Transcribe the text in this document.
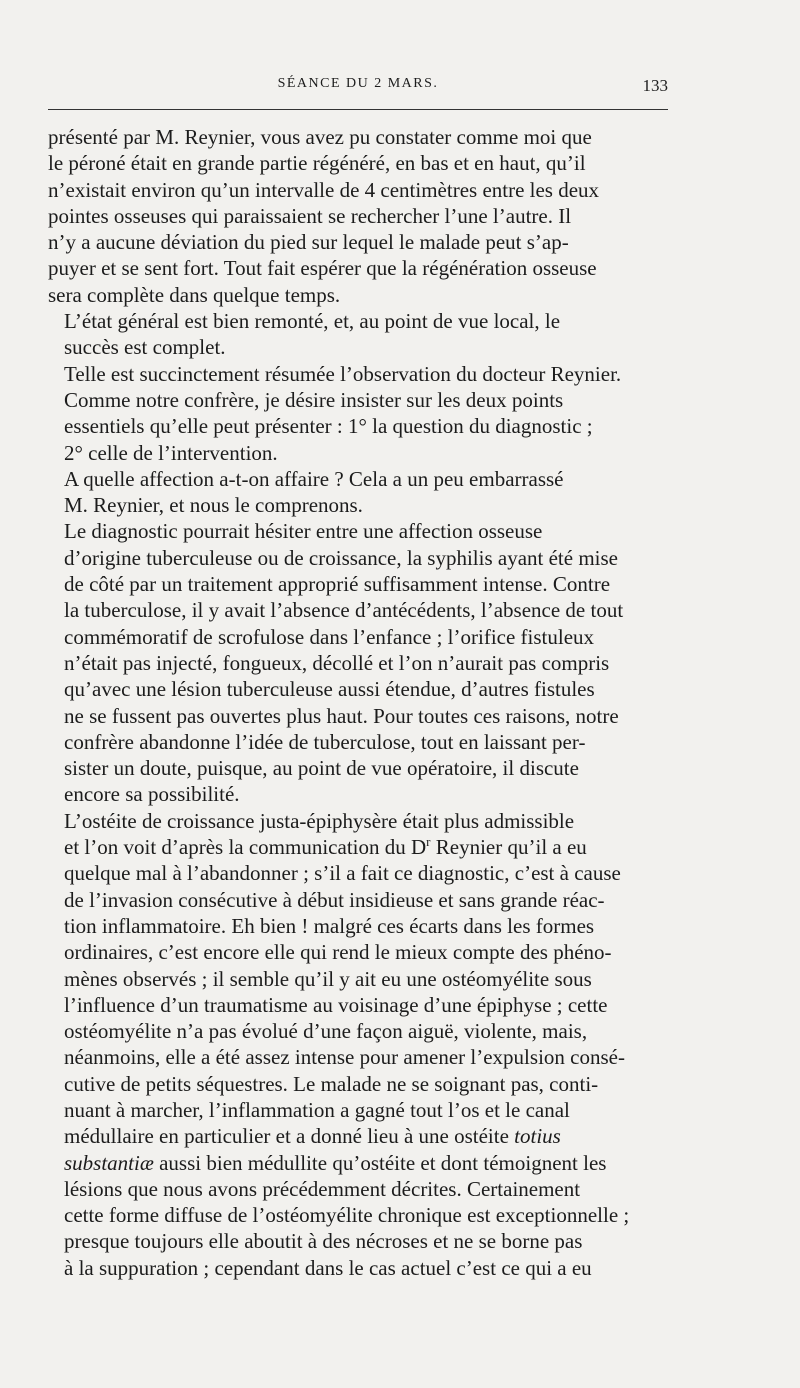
SÉANCE DU 2 MARS.	133

présenté par M. Reynier, vous avez pu constater comme moi que
le péroné était en grande partie régénéré, en bas et en haut, qu’il
n’existait environ qu’un intervalle de 4 centimètres entre les deux
pointes osseuses qui paraissaient se rechercher l’une l’autre. Il
n’y a aucune déviation du pied sur lequel le malade peut s’ap-
puyer et se sent fort. Tout fait espérer que la régénération osseuse
sera complète dans quelque temps.

L’état général est bien remonté, et, au point de vue local, le
succès est complet.

Telle est succinctement résumée l’observation du docteur Reynier.

Comme notre confrère, je désire insister sur les deux points
essentiels qu’elle peut présenter : 1° la question du diagnostic ;
2° celle de l’intervention.

A quelle affection a-t-on affaire ? Cela a un peu embarrassé
M. Reynier, et nous le comprenons.

Le diagnostic pourrait hésiter entre une affection osseuse
d’origine tuberculeuse ou de croissance, la syphilis ayant été mise
de côté par un traitement approprié suffisamment intense. Contre
la tuberculose, il y avait l’absence d’antécédents, l’absence de tout
commémoratif de scrofulose dans l’enfance ; l’orifice fistuleux
n’était pas injecté, fongueux, décollé et l’on n’aurait pas compris
qu’avec une lésion tuberculeuse aussi étendue, d’autres fistules
ne se fussent pas ouvertes plus haut. Pour toutes ces raisons, notre
confrère abandonne l’idée de tuberculose, tout en laissant per-
sister un doute, puisque, au point de vue opératoire, il discute
encore sa possibilité.

L’ostéite de croissance justa-épiphysère était plus admissible
et l’on voit d’après la communication du $D^r$ Reynier qu’il a eu
quelque mal à l’abandonner ; s’il a fait ce diagnostic, c’est à cause
de l’invasion consécutive à début insidieuse et sans grande réac-
tion inflammatoire. Eh bien ! malgré ces écarts dans les formes
ordinaires, c’est encore elle qui rend le mieux compte des phéno-
mènes observés ; il semble qu’il y ait eu une ostéomyélite sous
l’influence d’un traumatisme au voisinage d’une épiphyse ; cette
ostéomyélite n’a pas évolué d’une façon aiguë, violente, mais,
néanmoins, elle a été assez intense pour amener l’expulsion consé-
cutive de petits séquestres. Le malade ne se soignant pas, conti-
nuant à marcher, l’inflammation a gagné tout l’os et le canal
médullaire en particulier et a donné lieu à une ostéite totius
substantiæ aussi bien médullite qu’ostéite et dont témoignent les
lésions que nous avons précédemment décrites. Certainement
cette forme diffuse de l’ostéomyélite chronique est exceptionnelle ;
presque toujours elle aboutit à des nécroses et ne se borne pas
à la suppuration ; cependant dans le cas actuel c’est ce qui a eu
